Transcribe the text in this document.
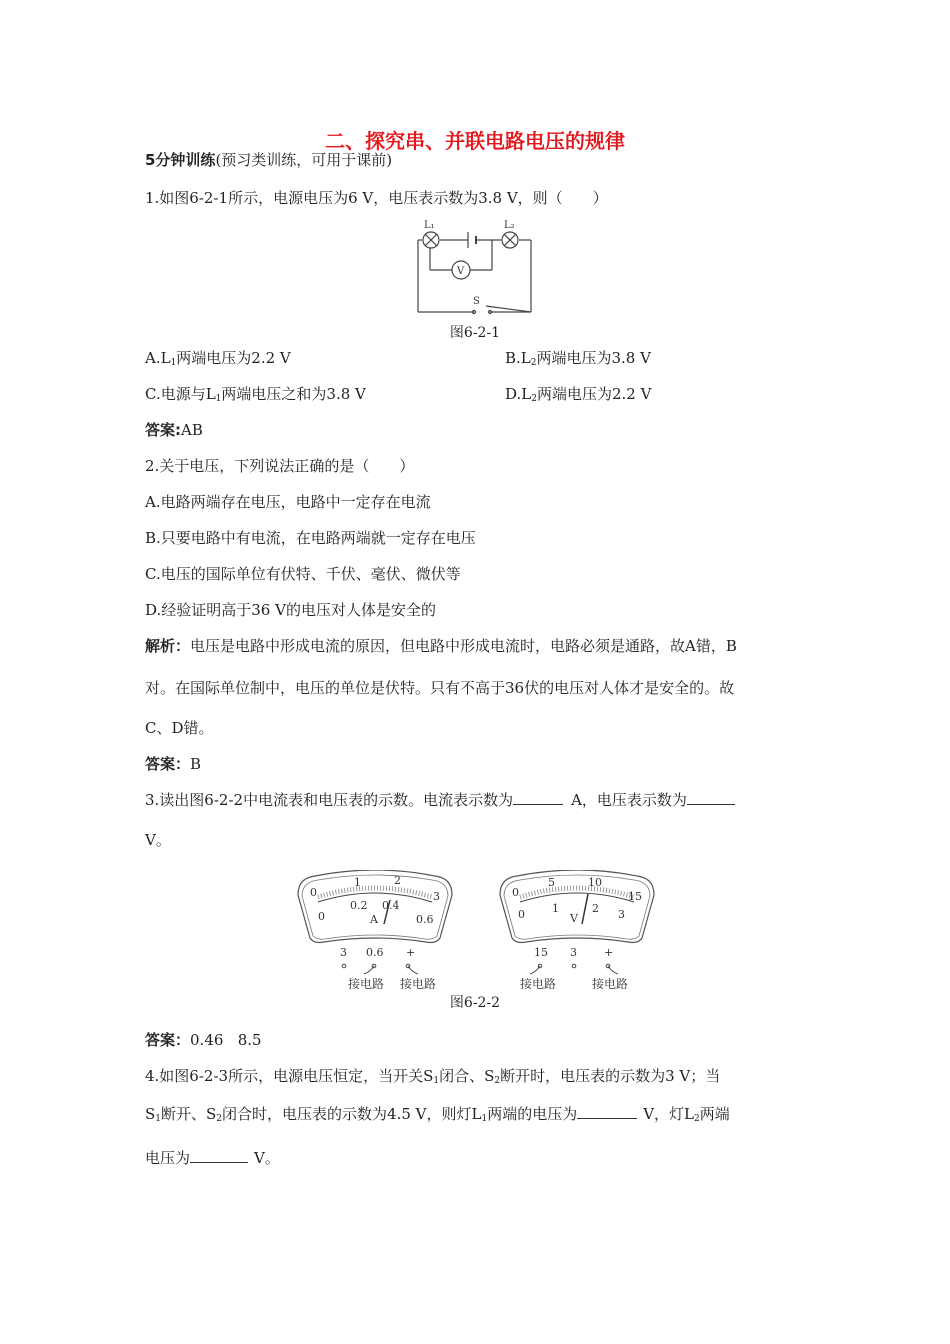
二、探究串、并联电路电压的规律
5分钟训练(预习类训练，可用于课前)
1.如图6-2-1所示，电源电压为6 V，电压表示数为3.8 V，则（ ）
L₁	L₂
V
S
图6-2-1
$A.L_1$两端电压为2.2 V	$B.L_2$两端电压为3.8 V
C.电源与$L_1$两端电压之和为3.8 V	$D.L_2$两端电压为2.2 V
答案:AB
2.关于电压，下列说法正确的是（ ）
A.电路两端存在电压，电路中一定存在电流
B.只要电路中有电流，在电路两端就一定存在电压
C.电压的国际单位有伏特、千伏、毫伏、微伏等
D.经验证明高于36 V的电压对人体是安全的
解析：电压是电路中形成电流的原因，但电路中形成电流时，电路必须是通路，故A错，B
对。在国际单位制中，电压的单位是伏特。只有不高于36伏的电压对人体才是安全的。故
C、D错。
答案：B
3.读出图6-2-2中电流表和电压表的示数。电流表示数为	A，电压表示数为
V。
0
1	2
3
0
0.2 0.4
0.6
A
3 0.6 +
接电路 接电路
0
5	10
15
0 1	2 3
V
15 3 +
接电路	接电路
图6-2-2
答案：0.46   8.5
4.如图6-2-3所示，电源电压恒定，当开关$S_1$闭合、$S_2$断开时，电压表的示数为3 V；当
$S_1$断开、$S_2$闭合时，电压表的示数为4.5 V，则灯$L_1$两端的电压为	V，灯$L_2$两端
电压为	V。
